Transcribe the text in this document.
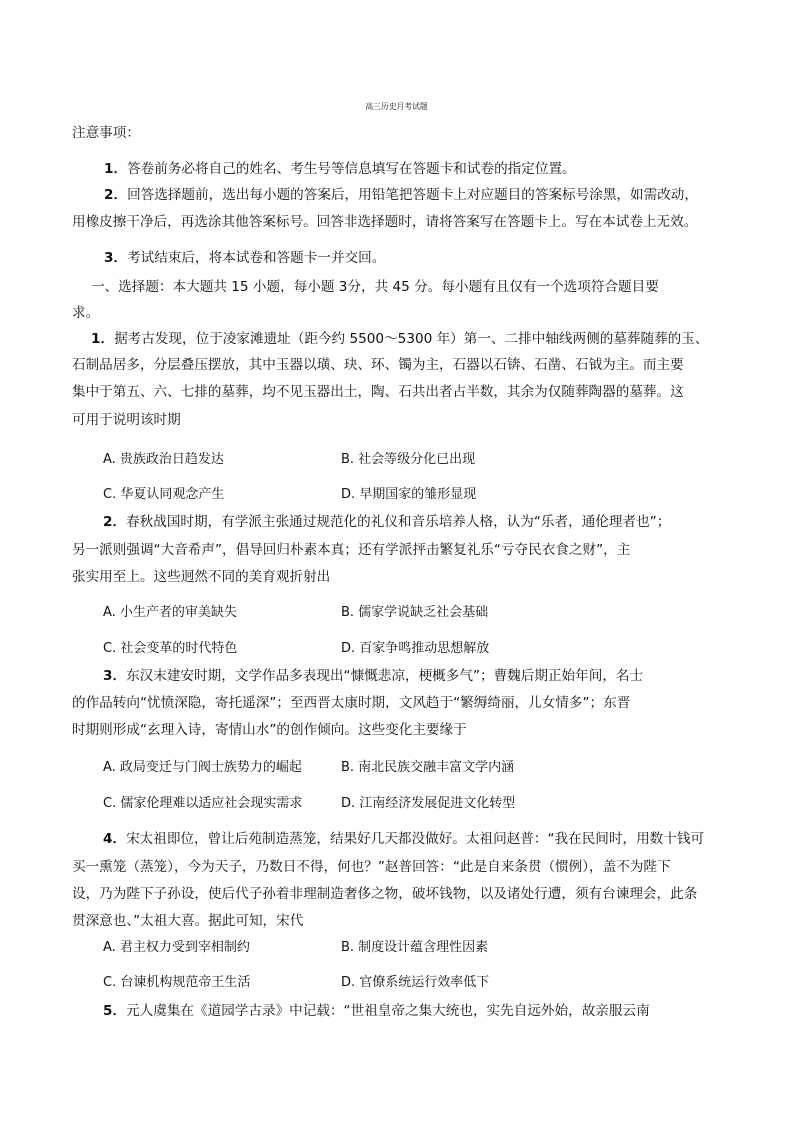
高三历史月考试题
注意事项：
1．答卷前务必将自己的姓名、考生号等信息填写在答题卡和试卷的指定位置。
2．回答选择题前，选出每小题的答案后，用铅笔把答题卡上对应题目的答案标号涂黑，如需改动，
用橡皮擦干净后，再选涂其他答案标号。回答非选择题时，请将答案写在答题卡上。写在本试卷上无效。
3．考试结束后，将本试卷和答题卡一并交回。
一、选择题：本大题共 15 小题，每小题 3分，共 45 分。每小题有且仅有一个选项符合题目要
求。
1．据考古发现，位于凌家滩遗址（距今约 5500～5300 年）第一、二排中轴线两侧的墓葬随葬的玉、
石制品居多，分层叠压摆放，其中玉器以璜、玦、环、镯为主，石器以石锛、石凿、石钺为主。而主要
集中于第五、六、七排的墓葬，均不见玉器出土，陶、石共出者占半数，其余为仅随葬陶器的墓葬。这
可用于说明该时期
A. 贵族政治日趋发达	B. 社会等级分化已出现
C. 华夏认同观念产生	D. 早期国家的雏形显现
2．春秋战国时期，有学派主张通过规范化的礼仪和音乐培养人格，认为“乐者，通伦理者也”；
另一派则强调“大音希声”，倡导回归朴素本真；还有学派抨击繁复礼乐“亏夺民衣食之财”，主
张实用至上。这些迥然不同的美育观折射出
A. 小生产者的审美缺失	B. 儒家学说缺乏社会基础
C. 社会变革的时代特色	D. 百家争鸣推动思想解放
3．东汉末建安时期，文学作品多表现出“慷慨悲凉，梗概多气”；曹魏后期正始年间，名士
的作品转向“忧愤深隐，寄托遥深”；至西晋太康时期，文风趋于“繁缛绮丽，儿女情多”；东晋
时期则形成“玄理入诗，寄情山水”的创作倾向。这些变化主要缘于
A. 政局变迁与门阀士族势力的崛起	B. 南北民族交融丰富文学内涵
C. 儒家伦理难以适应社会现实需求	D. 江南经济发展促进文化转型
4．宋太祖即位，曾让后苑制造蒸笼，结果好几天都没做好。太祖问赵普：“我在民间时，用数十钱可
买一熏笼（蒸笼），今为天子，乃数日不得，何也？”赵普回答：“此是自来条贯（惯例），盖不为陛下
设，乃为陛下子孙设，使后代子孙着非理制造奢侈之物，破坏钱物，以及诸处行遭，须有台谏理会，此条
贯深意也、”太祖大喜。据此可知，宋代
A. 君主权力受到宰相制约	B. 制度设计蕴含理性因素
C. 台谏机构规范帝王生活	D. 官僚系统运行效率低下
5．元人虞集在《道园学古录》中记载：“世祖皇帝之集大统也，实先自远外始，故亲服云南
